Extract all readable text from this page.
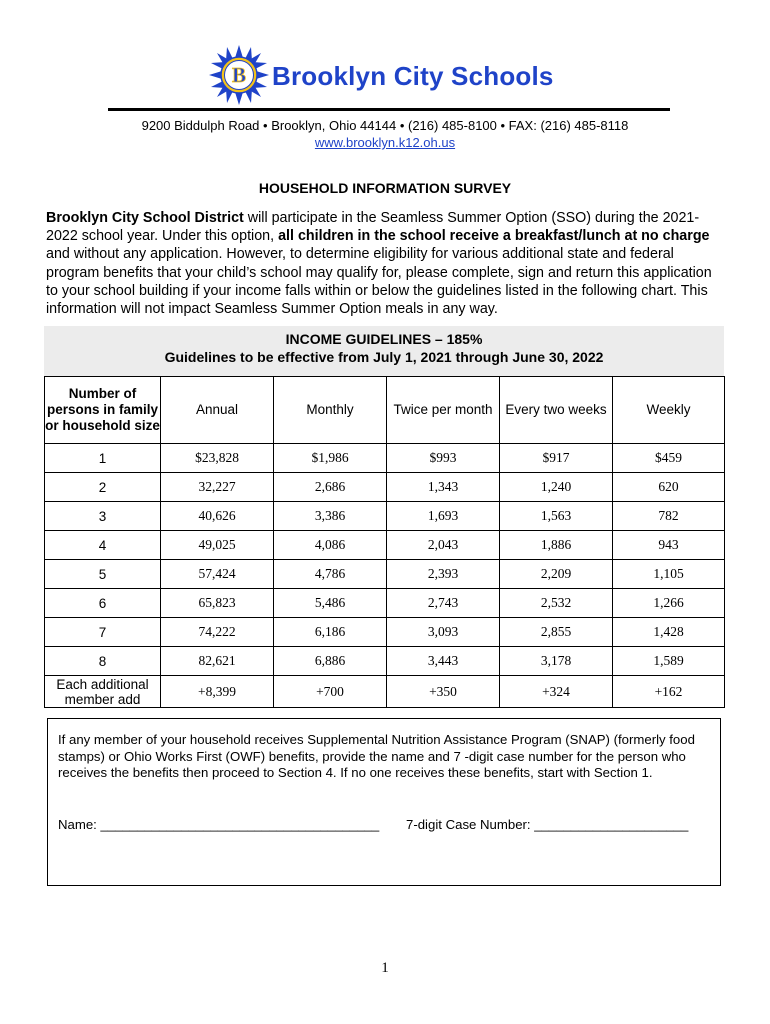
B Brooklyn City Schools
9200 Biddulph Road • Brooklyn, Ohio 44144 • (216) 485-8100 • FAX: (216) 485-8118
www.brooklyn.k12.oh.us
HOUSEHOLD INFORMATION SURVEY
Brooklyn City School District will participate in the Seamless Summer Option (SSO) during the 2021-2022 school year. Under this option, all children in the school receive a breakfast/lunch at no charge and without any application. However, to determine eligibility for various additional state and federal program benefits that your child’s school may qualify for, please complete, sign and return this application to your school building if your income falls within or below the guidelines listed in the following chart. This information will not impact Seamless Summer Option meals in any way.
INCOME GUIDELINES – 185%
Guidelines to be effective from July 1, 2021 through June 30, 2022
Number of persons in family or household size	Annual	Monthly	Twice per month	Every two weeks	Weekly
1	$23,828	$1,986	$993	$917	$459
2	32,227	2,686	1,343	1,240	620
3	40,626	3,386	1,693	1,563	782
4	49,025	4,086	2,043	1,886	943
5	57,424	4,786	2,393	2,209	1,105
6	65,823	5,486	2,743	2,532	1,266
7	74,222	6,186	3,093	2,855	1,428
8	82,621	6,886	3,443	3,178	1,589
Each additional member add	+8,399	+700	+350	+324	+162
If any member of your household receives Supplemental Nutrition Assistance Program (SNAP) (formerly food stamps) or Ohio Works First (OWF) benefits, provide the name and 7 -digit case number for the person who receives the benefits then proceed to Section 4. If no one receives these benefits, start with Section 1.
Name: ______________________________________ 7-digit Case Number: _____________________
1
